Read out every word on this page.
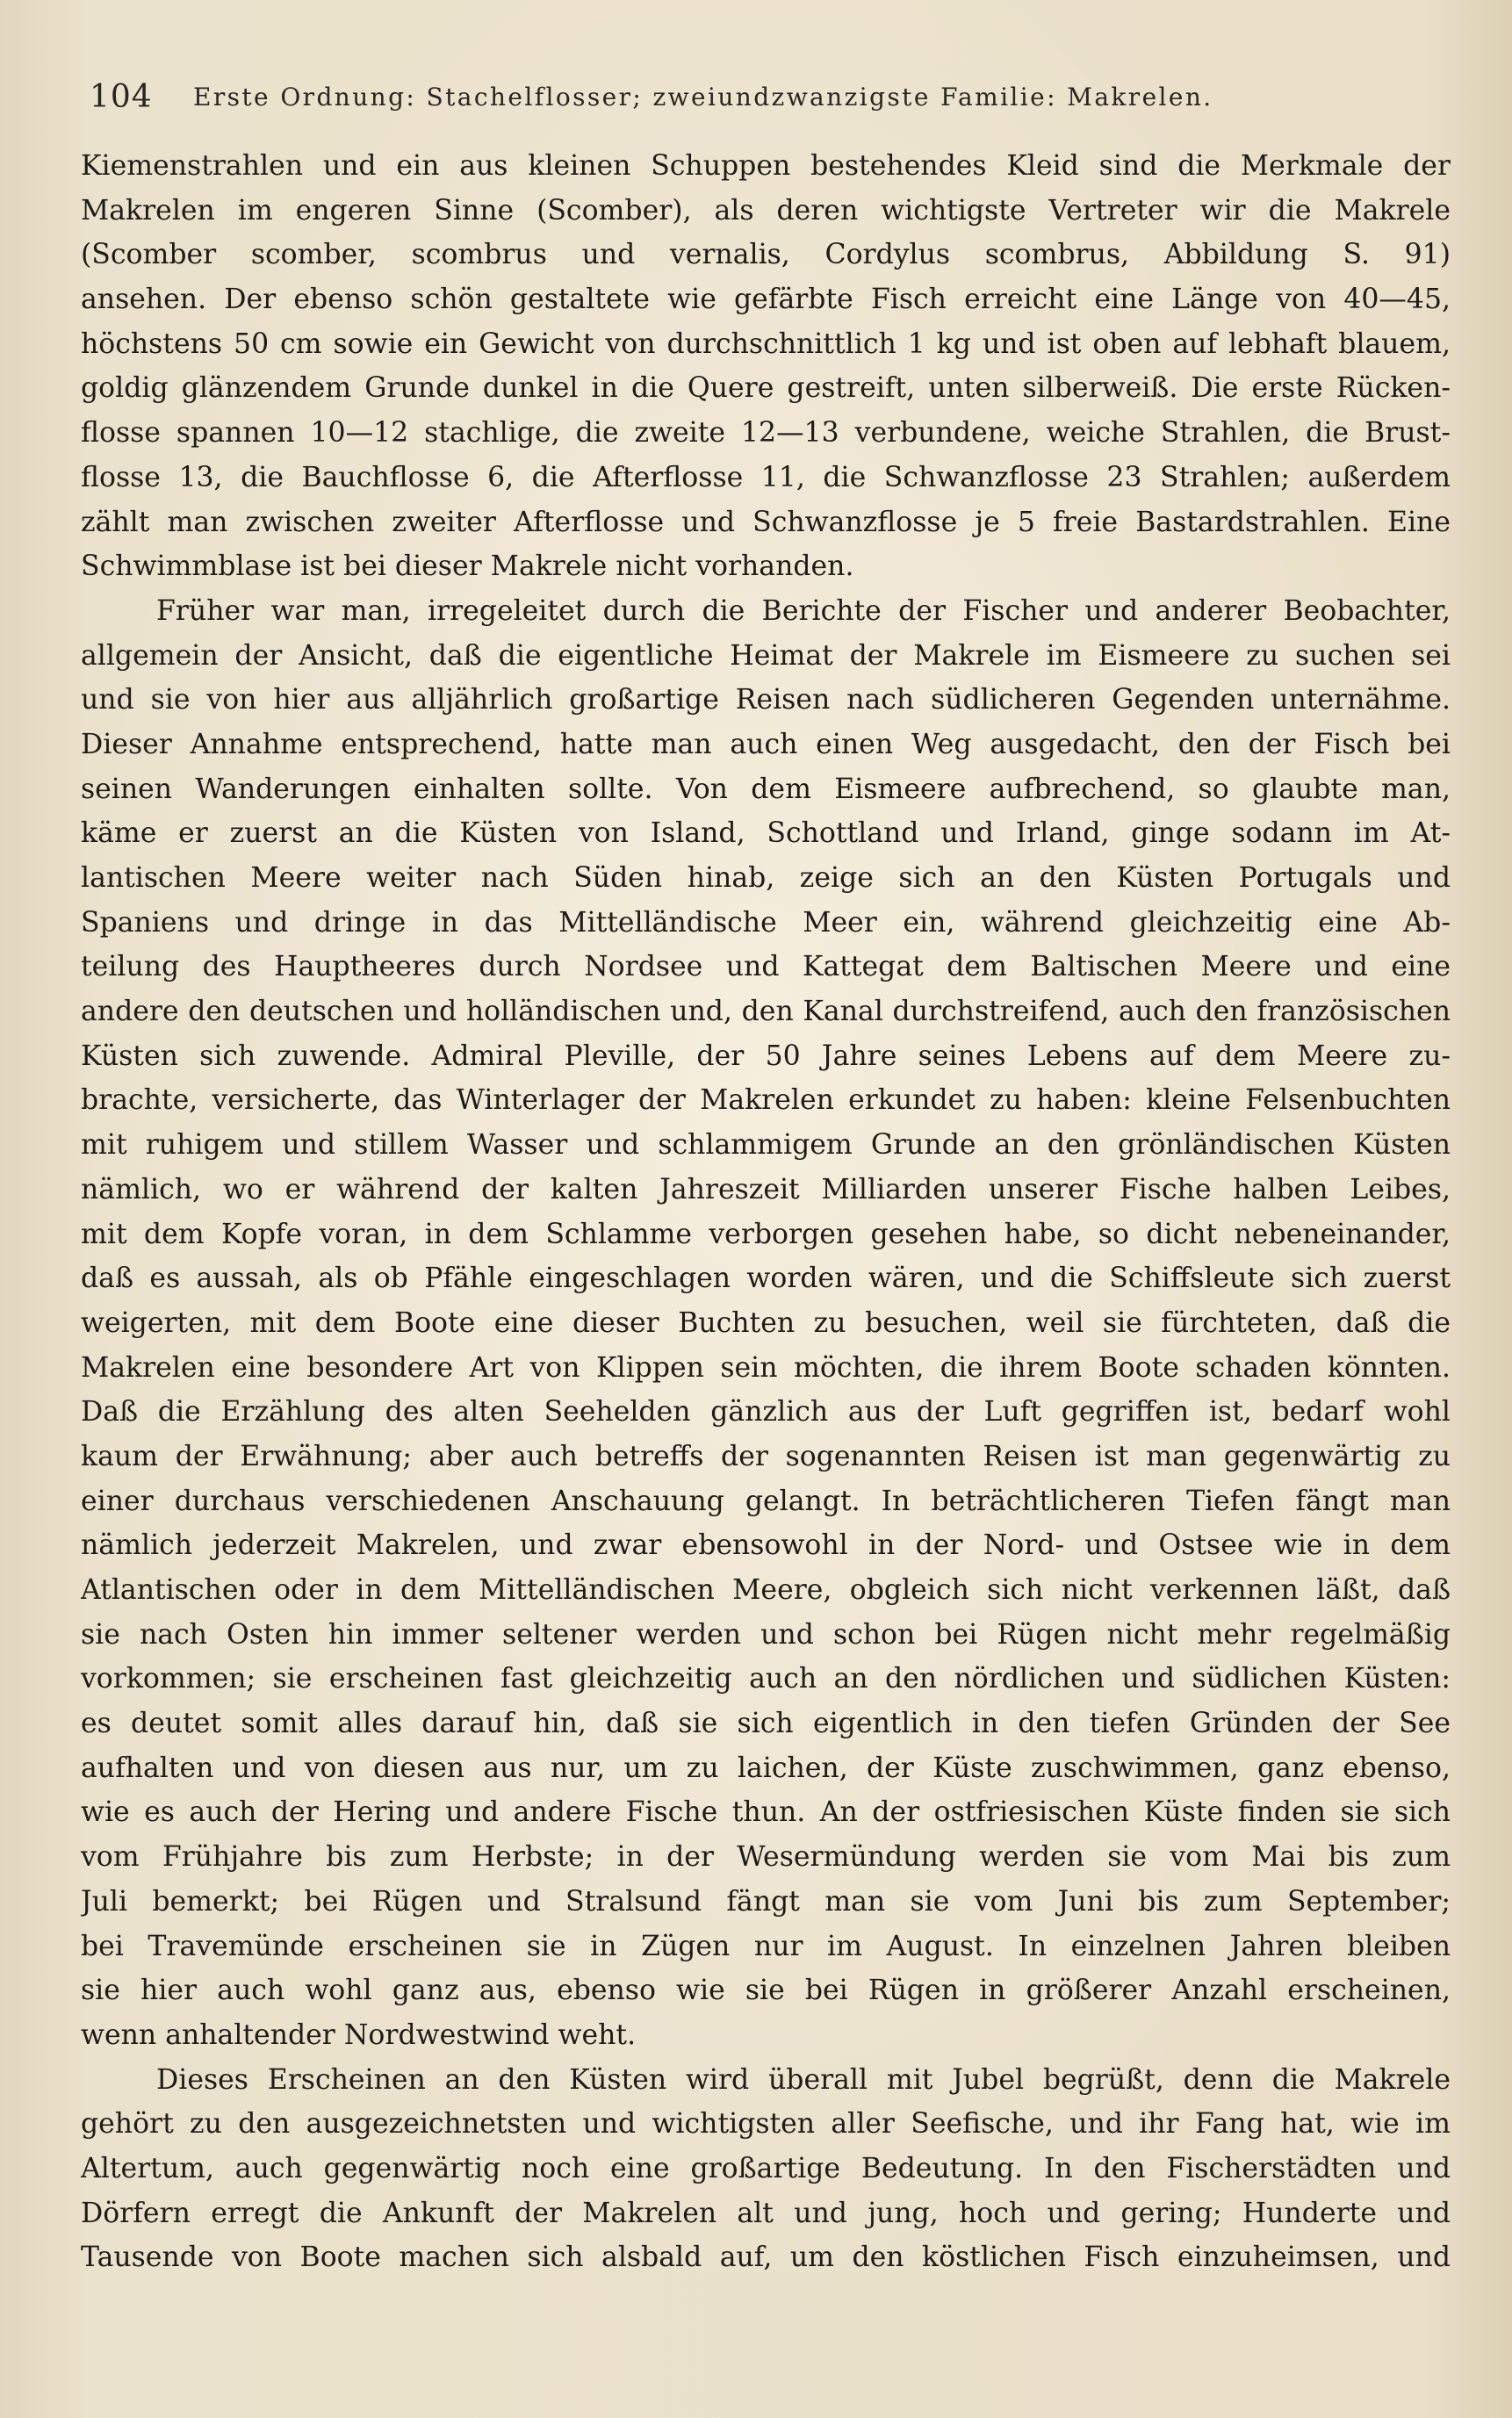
104 Erste Ordnung: Stachelflosser; zweiundzwanzigste Familie: Makrelen.
Kiemenstrahlen und ein aus kleinen Schuppen bestehendes Kleid sind die Merkmale der
Makrelen im engeren Sinne (Scomber), als deren wichtigste Vertreter wir die Makrele
(Scomber scomber, scombrus und vernalis, Cordylus scombrus, Abbildung S. 91)
ansehen. Der ebenso schön gestaltete wie gefärbte Fisch erreicht eine Länge von 40—45,
höchstens 50 cm sowie ein Gewicht von durchschnittlich 1 kg und ist oben auf lebhaft blauem,
goldig glänzendem Grunde dunkel in die Quere gestreift, unten silberweiß. Die erste Rücken-
flosse spannen 10—12 stachlige, die zweite 12—13 verbundene, weiche Strahlen, die Brust-
flosse 13, die Bauchflosse 6, die Afterflosse 11, die Schwanzflosse 23 Strahlen; außerdem
zählt man zwischen zweiter Afterflosse und Schwanzflosse je 5 freie Bastardstrahlen. Eine
Schwimmblase ist bei dieser Makrele nicht vorhanden.
Früher war man, irregeleitet durch die Berichte der Fischer und anderer Beobachter,
allgemein der Ansicht, daß die eigentliche Heimat der Makrele im Eismeere zu suchen sei
und sie von hier aus alljährlich großartige Reisen nach südlicheren Gegenden unternähme.
Dieser Annahme entsprechend, hatte man auch einen Weg ausgedacht, den der Fisch bei
seinen Wanderungen einhalten sollte. Von dem Eismeere aufbrechend, so glaubte man,
käme er zuerst an die Küsten von Island, Schottland und Irland, ginge sodann im At-
lantischen Meere weiter nach Süden hinab, zeige sich an den Küsten Portugals und
Spaniens und dringe in das Mittelländische Meer ein, während gleichzeitig eine Ab-
teilung des Hauptheeres durch Nordsee und Kattegat dem Baltischen Meere und eine
andere den deutschen und holländischen und, den Kanal durchstreifend, auch den französischen
Küsten sich zuwende. Admiral Pleville, der 50 Jahre seines Lebens auf dem Meere zu-
brachte, versicherte, das Winterlager der Makrelen erkundet zu haben: kleine Felsenbuchten
mit ruhigem und stillem Wasser und schlammigem Grunde an den grönländischen Küsten
nämlich, wo er während der kalten Jahreszeit Milliarden unserer Fische halben Leibes,
mit dem Kopfe voran, in dem Schlamme verborgen gesehen habe, so dicht nebeneinander,
daß es aussah, als ob Pfähle eingeschlagen worden wären, und die Schiffsleute sich zuerst
weigerten, mit dem Boote eine dieser Buchten zu besuchen, weil sie fürchteten, daß die
Makrelen eine besondere Art von Klippen sein möchten, die ihrem Boote schaden könnten.
Daß die Erzählung des alten Seehelden gänzlich aus der Luft gegriffen ist, bedarf wohl
kaum der Erwähnung; aber auch betreffs der sogenannten Reisen ist man gegenwärtig zu
einer durchaus verschiedenen Anschauung gelangt. In beträchtlicheren Tiefen fängt man
nämlich jederzeit Makrelen, und zwar ebensowohl in der Nord- und Ostsee wie in dem
Atlantischen oder in dem Mittelländischen Meere, obgleich sich nicht verkennen läßt, daß
sie nach Osten hin immer seltener werden und schon bei Rügen nicht mehr regelmäßig
vorkommen; sie erscheinen fast gleichzeitig auch an den nördlichen und südlichen Küsten:
es deutet somit alles darauf hin, daß sie sich eigentlich in den tiefen Gründen der See
aufhalten und von diesen aus nur, um zu laichen, der Küste zuschwimmen, ganz ebenso,
wie es auch der Hering und andere Fische thun. An der ostfriesischen Küste finden sie sich
vom Frühjahre bis zum Herbste; in der Wesermündung werden sie vom Mai bis zum
Juli bemerkt; bei Rügen und Stralsund fängt man sie vom Juni bis zum September;
bei Travemünde erscheinen sie in Zügen nur im August. In einzelnen Jahren bleiben
sie hier auch wohl ganz aus, ebenso wie sie bei Rügen in größerer Anzahl erscheinen,
wenn anhaltender Nordwestwind weht.
Dieses Erscheinen an den Küsten wird überall mit Jubel begrüßt, denn die Makrele
gehört zu den ausgezeichnetsten und wichtigsten aller Seefische, und ihr Fang hat, wie im
Altertum, auch gegenwärtig noch eine großartige Bedeutung. In den Fischerstädten und
Dörfern erregt die Ankunft der Makrelen alt und jung, hoch und gering; Hunderte und
Tausende von Boote machen sich alsbald auf, um den köstlichen Fisch einzuheimsen, und
